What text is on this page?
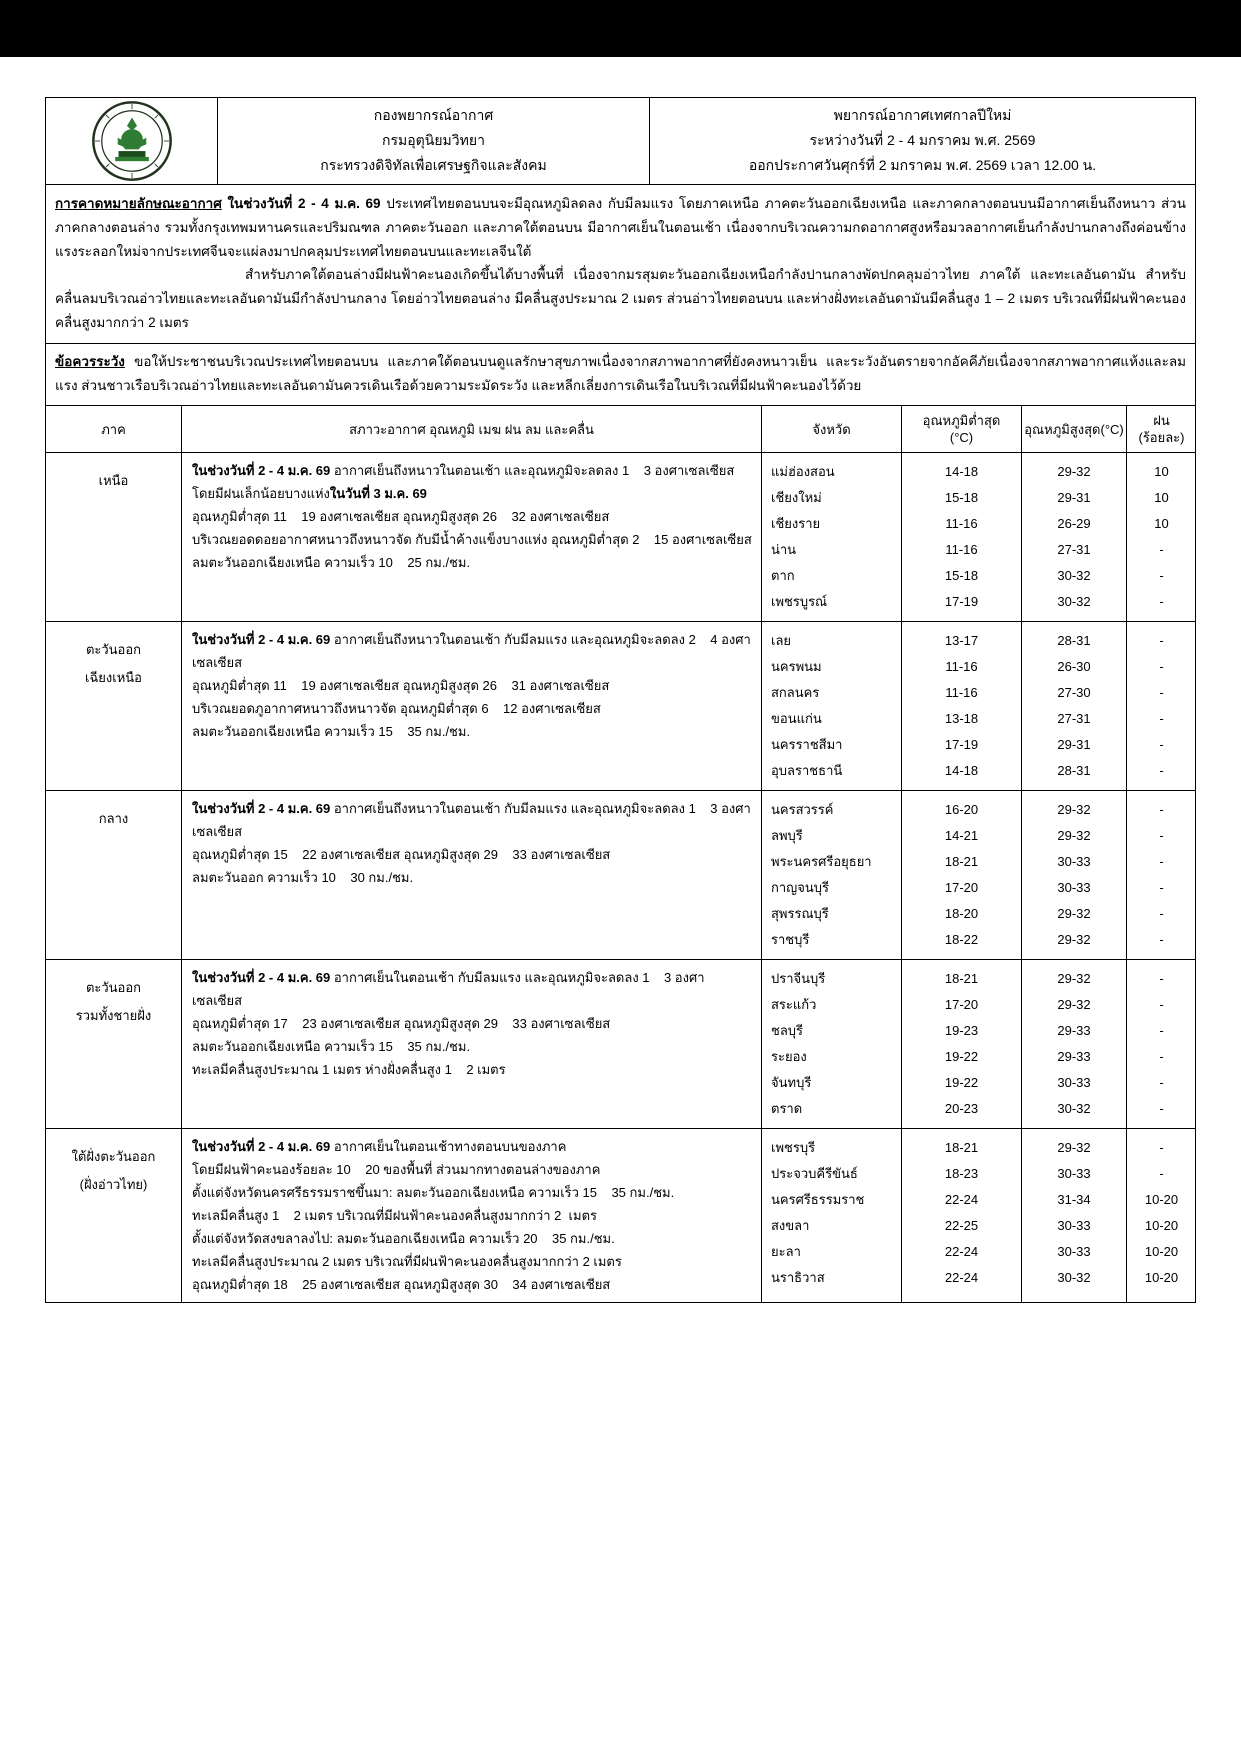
กองพยากรณ์อากาศ
กรมอุตุนิยมวิทยา
กระทรวงดิจิทัลเพื่อเศรษฐกิจและสังคม
พยากรณ์อากาศเทศกาลปีใหม่
ระหว่างวันที่ 2 - 4 มกราคม พ.ศ. 2569
ออกประกาศวันศุกร์ที่ 2 มกราคม พ.ศ. 2569 เวลา 12.00 น.
การคาดหมายลักษณะอากาศ ในช่วงวันที่ 2 - 4 ม.ค. 69 ประเทศไทยตอนบนจะมีอุณหภูมิลดลง กับมีลมแรง โดยภาคเหนือ ภาคตะวันออกเฉียงเหนือ และภาคกลางตอนบนมีอากาศเย็นถึงหนาว ส่วนภาคกลางตอนล่าง รวมทั้งกรุงเทพมหานครและปริมณฑล ภาคตะวันออก และภาคใต้ตอนบน มีอากาศเย็นในตอนเช้า เนื่องจากบริเวณความกดอากาศสูงหรือมวลอากาศเย็นกำลังปานกลางถึงค่อนข้างแรงระลอกใหม่จากประเทศจีนจะแผ่ลงมาปกคลุมประเทศไทยตอนบนและทะเลจีนใต้
สำหรับภาคใต้ตอนล่างมีฝนฟ้าคะนองเกิดขึ้นได้บางพื้นที่ เนื่องจากมรสุมตะวันออกเฉียงเหนือกำลังปานกลางพัดปกคลุมอ่าวไทย ภาคใต้ และทะเลอันดามัน สำหรับคลื่นลมบริเวณอ่าวไทยและทะเลอันดามันมีกำลังปานกลาง โดยอ่าวไทยตอนล่าง มีคลื่นสูงประมาณ 2 เมตร ส่วนอ่าวไทยตอนบน และห่างฝั่งทะเลอันดามันมีคลื่นสูง 1 – 2 เมตร บริเวณที่มีฝนฟ้าคะนองคลื่นสูงมากกว่า 2 เมตร
ข้อควรระวัง ขอให้ประชาชนบริเวณประเทศไทยตอนบน และภาคใต้ตอนบนดูแลรักษาสุขภาพเนื่องจากสภาพอากาศที่ยังคงหนาวเย็น และระวังอันตรายจากอัคคีภัยเนื่องจากสภาพอากาศแห้งและลมแรง ส่วนชาวเรือบริเวณอ่าวไทยและทะเลอันดามันควรเดินเรือด้วยความระมัดระวัง และหลีกเลี่ยงการเดินเรือในบริเวณที่มีฝนฟ้าคะนองไว้ด้วย
ภาค	สภาวะอากาศ อุณหภูมิ เมฆ ฝน ลม และคลื่น	จังหวัด
อุณหภูมิต่ำสุด
(°C)
อุณหภูมิสูงสุด(°C)
ฝน
(ร้อยละ)
เหนือ
ในช่วงวันที่ 2 - 4 ม.ค. 69 อากาศเย็นถึงหนาวในตอนเช้า และอุณหภูมิจะลดลง 1    3 องศาเซลเซียส
โดยมีฝนเล็กน้อยบางแห่งในวันที่ 3 ม.ค. 69
อุณหภูมิต่ำสุด 11    19 องศาเซลเซียส อุณหภูมิสูงสุด 26    32 องศาเซลเซียส
บริเวณยอดดอยอากาศหนาวถึงหนาวจัด กับมีน้ำค้างแข็งบางแห่ง อุณหภูมิต่ำสุด 2    15 องศาเซลเซียส
ลมตะวันออกเฉียงเหนือ ความเร็ว 10    25 กม./ชม.
แม่ฮ่องสอน
เชียงใหม่
เชียงราย
น่าน
ตาก
เพชรบูรณ์
14-18
15-18
11-16
11-16
15-18
17-19
29-32
29-31
26-29
27-31
30-32
30-32
10
10
10
-
-
-
ตะวันออก
เฉียงเหนือ
ในช่วงวันที่ 2 - 4 ม.ค. 69 อากาศเย็นถึงหนาวในตอนเช้า กับมีลมแรง และอุณหภูมิจะลดลง 2    4 องศาเซลเซียส
อุณหภูมิต่ำสุด 11    19 องศาเซลเซียส อุณหภูมิสูงสุด 26    31 องศาเซลเซียส
บริเวณยอดภูอากาศหนาวถึงหนาวจัด อุณหภูมิต่ำสุด 6    12 องศาเซลเซียส
ลมตะวันออกเฉียงเหนือ ความเร็ว 15    35 กม./ชม.
เลย
นครพนม
สกลนคร
ขอนแก่น
นครราชสีมา
อุบลราชธานี
13-17
11-16
11-16
13-18
17-19
14-18
28-31
26-30
27-30
27-31
29-31
28-31
-
-
-
-
-
-
กลาง
ในช่วงวันที่ 2 - 4 ม.ค. 69 อากาศเย็นถึงหนาวในตอนเช้า กับมีลมแรง และอุณหภูมิจะลดลง 1    3 องศาเซลเซียส
อุณหภูมิต่ำสุด 15    22 องศาเซลเซียส อุณหภูมิสูงสุด 29    33 องศาเซลเซียส
ลมตะวันออก ความเร็ว 10    30 กม./ชม.
นครสวรรค์
ลพบุรี
พระนครศรีอยุธยา
กาญจนบุรี
สุพรรณบุรี
ราชบุรี
16-20
14-21
18-21
17-20
18-20
18-22
29-32
29-32
30-33
30-33
29-32
29-32
-
-
-
-
-
-
ตะวันออก
รวมทั้งชายฝั่ง
ในช่วงวันที่ 2 - 4 ม.ค. 69 อากาศเย็นในตอนเช้า กับมีลมแรง และอุณหภูมิจะลดลง 1    3 องศาเซลเซียส
อุณหภูมิต่ำสุด 17    23 องศาเซลเซียส อุณหภูมิสูงสุด 29    33 องศาเซลเซียส
ลมตะวันออกเฉียงเหนือ ความเร็ว 15    35 กม./ชม.
ทะเลมีคลื่นสูงประมาณ 1 เมตร ห่างฝั่งคลื่นสูง 1    2 เมตร
ปราจีนบุรี
สระแก้ว
ชลบุรี
ระยอง
จันทบุรี
ตราด
18-21
17-20
19-23
19-22
19-22
20-23
29-32
29-32
29-33
29-33
30-33
30-32
-
-
-
-
-
-
ใต้ฝั่งตะวันออก
(ฝั่งอ่าวไทย)
ในช่วงวันที่ 2 - 4 ม.ค. 69 อากาศเย็นในตอนเช้าทางตอนบนของภาค
โดยมีฝนฟ้าคะนองร้อยละ 10    20 ของพื้นที่ ส่วนมากทางตอนล่างของภาค
ตั้งแต่จังหวัดนครศรีธรรมราชขึ้นมา: ลมตะวันออกเฉียงเหนือ ความเร็ว 15    35 กม./ชม.
ทะเลมีคลื่นสูง 1    2 เมตร บริเวณที่มีฝนฟ้าคะนองคลื่นสูงมากกว่า 2  เมตร
ตั้งแต่จังหวัดสงขลาลงไป: ลมตะวันออกเฉียงเหนือ ความเร็ว 20    35 กม./ชม.
ทะเลมีคลื่นสูงประมาณ 2 เมตร บริเวณที่มีฝนฟ้าคะนองคลื่นสูงมากกว่า 2 เมตร
อุณหภูมิต่ำสุด 18    25 องศาเซลเซียส อุณหภูมิสูงสุด 30    34 องศาเซลเซียส
เพชรบุรี
ประจวบคีรีขันธ์
นครศรีธรรมราช
สงขลา
ยะลา
นราธิวาส
18-21
18-23
22-24
22-25
22-24
22-24
29-32
30-33
31-34
30-33
30-33
30-32
-
-
10-20
10-20
10-20
10-20
